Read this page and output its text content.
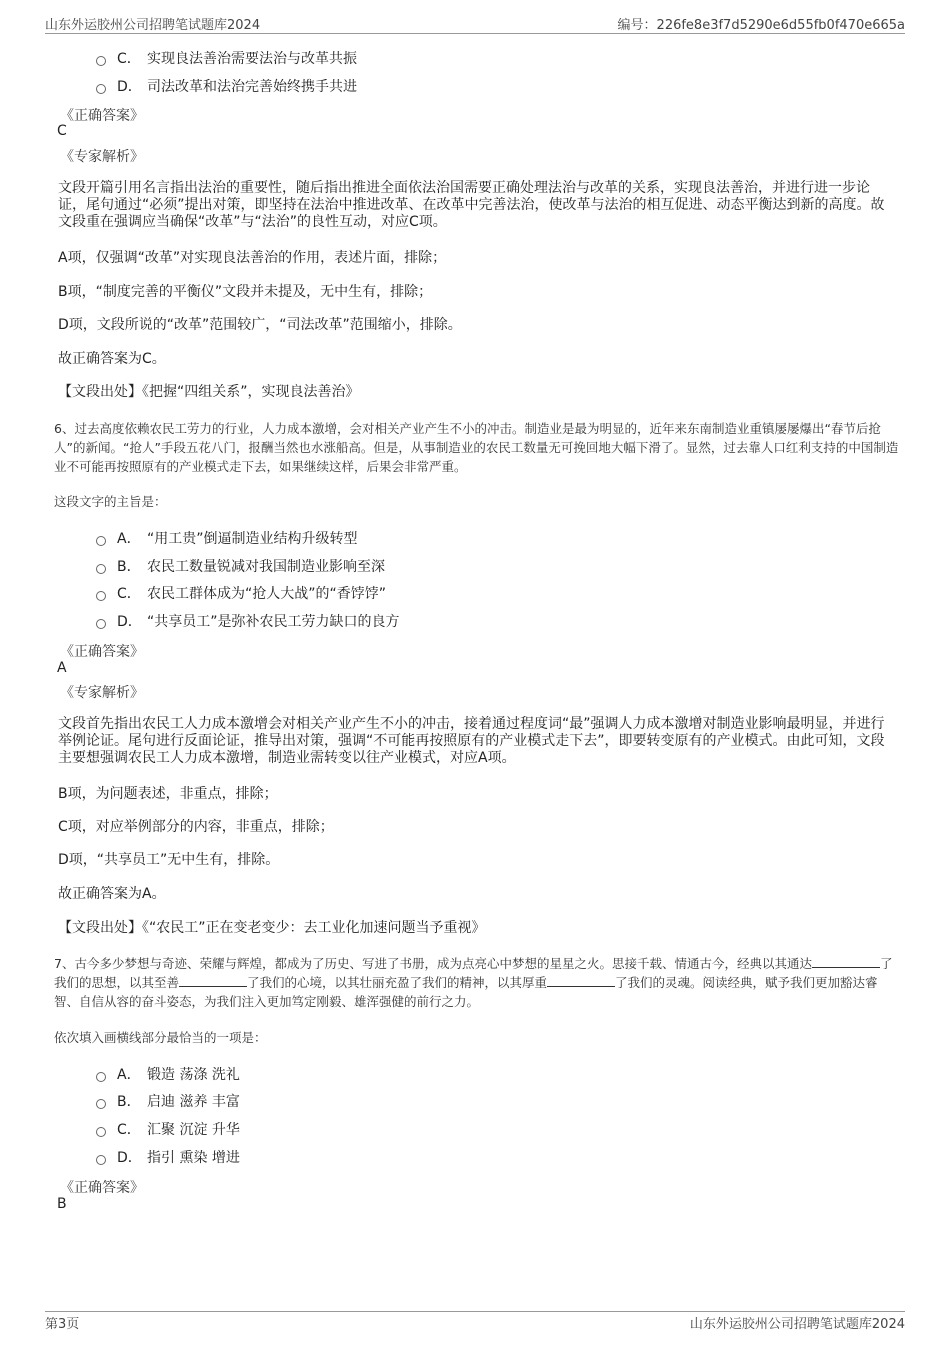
山东外运胶州公司招聘笔试题库2024	编号：226fe8e3f7d5290e6d55fb0f470e665a
C． 实现良法善治需要法治与改革共振
D． 司法改革和法治完善始终携手共进
《正确答案》
C
《专家解析》

文段开篇引用名言指出法治的重要性，随后指出推进全面依法治国需要正确处理法治与改革的关系，实现良法善治，并进行进一步论证，尾句通过“必须”提出对策，即坚持在法治中推进改革、在改革中完善法治，使改革与法治的相互促进、动态平衡达到新的高度。故文段重在强调应当确保“改革”与“法治”的良性互动，对应C项。

A项，仅强调“改革”对实现良法善治的作用，表述片面，排除；

B项，“制度完善的平衡仪”文段并未提及，无中生有，排除；

D项，文段所说的“改革”范围较广，“司法改革”范围缩小，排除。

故正确答案为C。

【文段出处】《把握“四组关系”，实现良法善治》

6、过去高度依赖农民工劳力的行业，人力成本激增，会对相关产业产生不小的冲击。制造业是最为明显的，近年来东南制造业重镇屡屡爆出“春节后抢人”的新闻。“抢人”手段五花八门，报酬当然也水涨船高。但是，从事制造业的农民工数量无可挽回地大幅下滑了。显然，过去靠人口红利支持的中国制造业不可能再按照原有的产业模式走下去，如果继续这样，后果会非常严重。

这段文字的主旨是：

A． “用工贵”倒逼制造业结构升级转型
B． 农民工数量锐减对我国制造业影响至深
C． 农民工群体成为“抢人大战”的“香饽饽”
D． “共享员工”是弥补农民工劳力缺口的良方
《正确答案》
A
《专家解析》

文段首先指出农民工人力成本激增会对相关产业产生不小的冲击，接着通过程度词“最”强调人力成本激增对制造业影响最明显，并进行举例论证。尾句进行反面论证，推导出对策，强调“不可能再按照原有的产业模式走下去”，即要转变原有的产业模式。由此可知，文段主要想强调农民工人力成本激增，制造业需转变以往产业模式，对应A项。

B项，为问题表述，非重点，排除；

C项，对应举例部分的内容，非重点，排除；

D项，“共享员工”无中生有，排除。

故正确答案为A。

【文段出处】《“农民工”正在变老变少：去工业化加速问题当予重视》

7、古今多少梦想与奇迹、荣耀与辉煌，都成为了历史、写进了书册，成为点亮心中梦想的星星之火。思接千载、情通古今，经典以其通达	了我们的思想，以其至善	了我们的心境，以其壮丽充盈了我们的精神，以其厚重	了我们的灵魂。阅读经典，赋予我们更加豁达睿智、自信从容的奋斗姿态，为我们注入更加笃定刚毅、雄浑强健的前行之力。

依次填入画横线部分最恰当的一项是：

A． 锻造 荡涤 洗礼
B． 启迪 滋养 丰富
C． 汇聚 沉淀 升华
D． 指引 熏染 增进
《正确答案》
B
第3页	山东外运胶州公司招聘笔试题库2024
